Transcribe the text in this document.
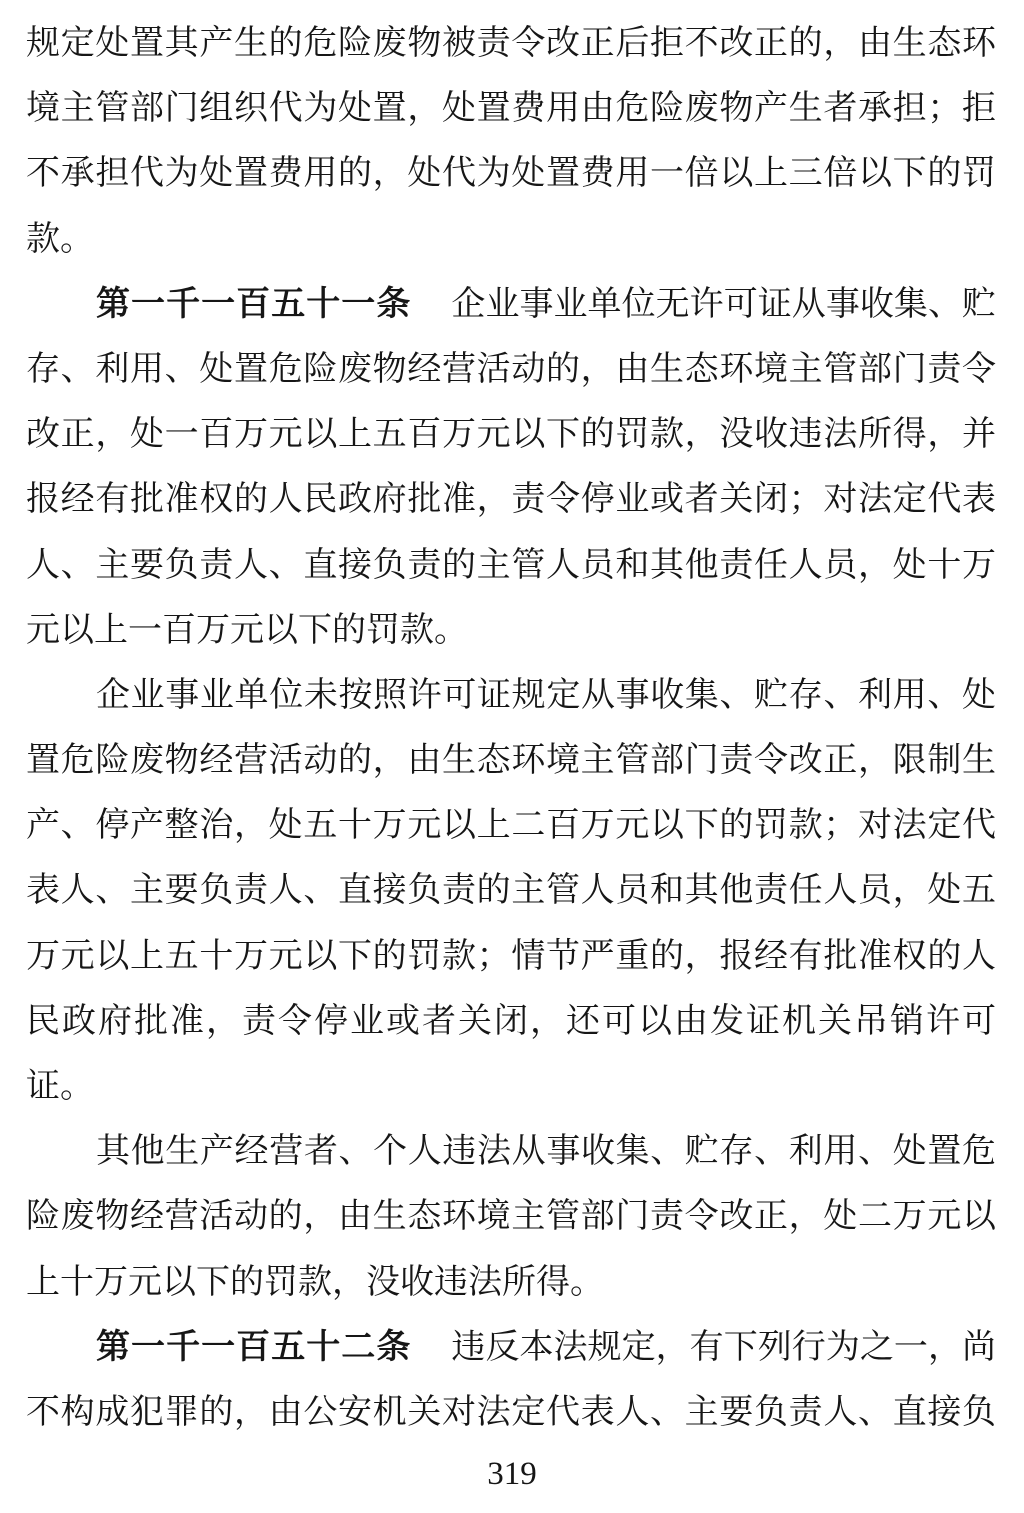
规定处置其产生的危险废物被责令改正后拒不改正的，由生态环
境主管部门组织代为处置，处置费用由危险废物产生者承担；拒
不承担代为处置费用的，处代为处置费用一倍以上三倍以下的罚
款。
第一千一百五十一条 企业事业单位无许可证从事收集、贮
存、利用、处置危险废物经营活动的，由生态环境主管部门责令
改正，处一百万元以上五百万元以下的罚款，没收违法所得，并
报经有批准权的人民政府批准，责令停业或者关闭；对法定代表
人、主要负责人、直接负责的主管人员和其他责任人员，处十万
元以上一百万元以下的罚款。
企业事业单位未按照许可证规定从事收集、贮存、利用、处
置危险废物经营活动的，由生态环境主管部门责令改正，限制生
产、停产整治，处五十万元以上二百万元以下的罚款；对法定代
表人、主要负责人、直接负责的主管人员和其他责任人员，处五
万元以上五十万元以下的罚款；情节严重的，报经有批准权的人
民政府批准，责令停业或者关闭，还可以由发证机关吊销许可
证。
其他生产经营者、个人违法从事收集、贮存、利用、处置危
险废物经营活动的，由生态环境主管部门责令改正，处二万元以
上十万元以下的罚款，没收违法所得。
第一千一百五十二条 违反本法规定，有下列行为之一，尚
不构成犯罪的，由公安机关对法定代表人、主要负责人、直接负
319
